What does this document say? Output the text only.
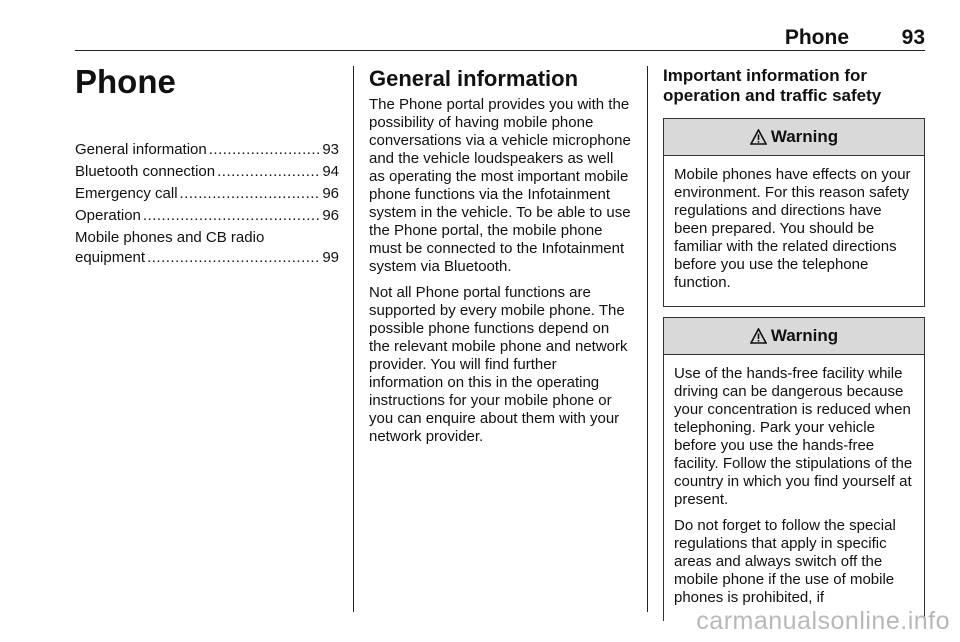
Phone	93
Phone
General information .....	93
Bluetooth connection .....	94
Emergency call .....	96
Operation .....	96
Mobile phones and CB radio
equipment .....	99
General information

The Phone portal provides you with the possibility of having mobile phone conversations via a vehicle microphone and the vehicle loudspeakers as well as operating the most important mobile phone functions via the Infotainment system in the vehicle. To be able to use the Phone portal, the mobile phone must be connected to the Infotainment system via Bluetooth.

Not all Phone portal functions are supported by every mobile phone. The possible phone functions depend on the relevant mobile phone and network provider. You will find further information on this in the operating instructions for your mobile phone or you can enquire about them with your network provider.

Important information for operation and traffic safety
Warning

Mobile phones have effects on your environment. For this reason safety regulations and directions have been prepared. You should be familiar with the related directions before you use the telephone function.

Warning

Use of the hands-free facility while driving can be dangerous because your concentration is reduced when telephoning. Park your vehicle before you use the hands-free facility. Follow the stipulations of the country in which you find yourself at present.

Do not forget to follow the special regulations that apply in specific areas and always switch off the mobile phone if the use of mobile phones is prohibited, if

carmanualsonline.info
